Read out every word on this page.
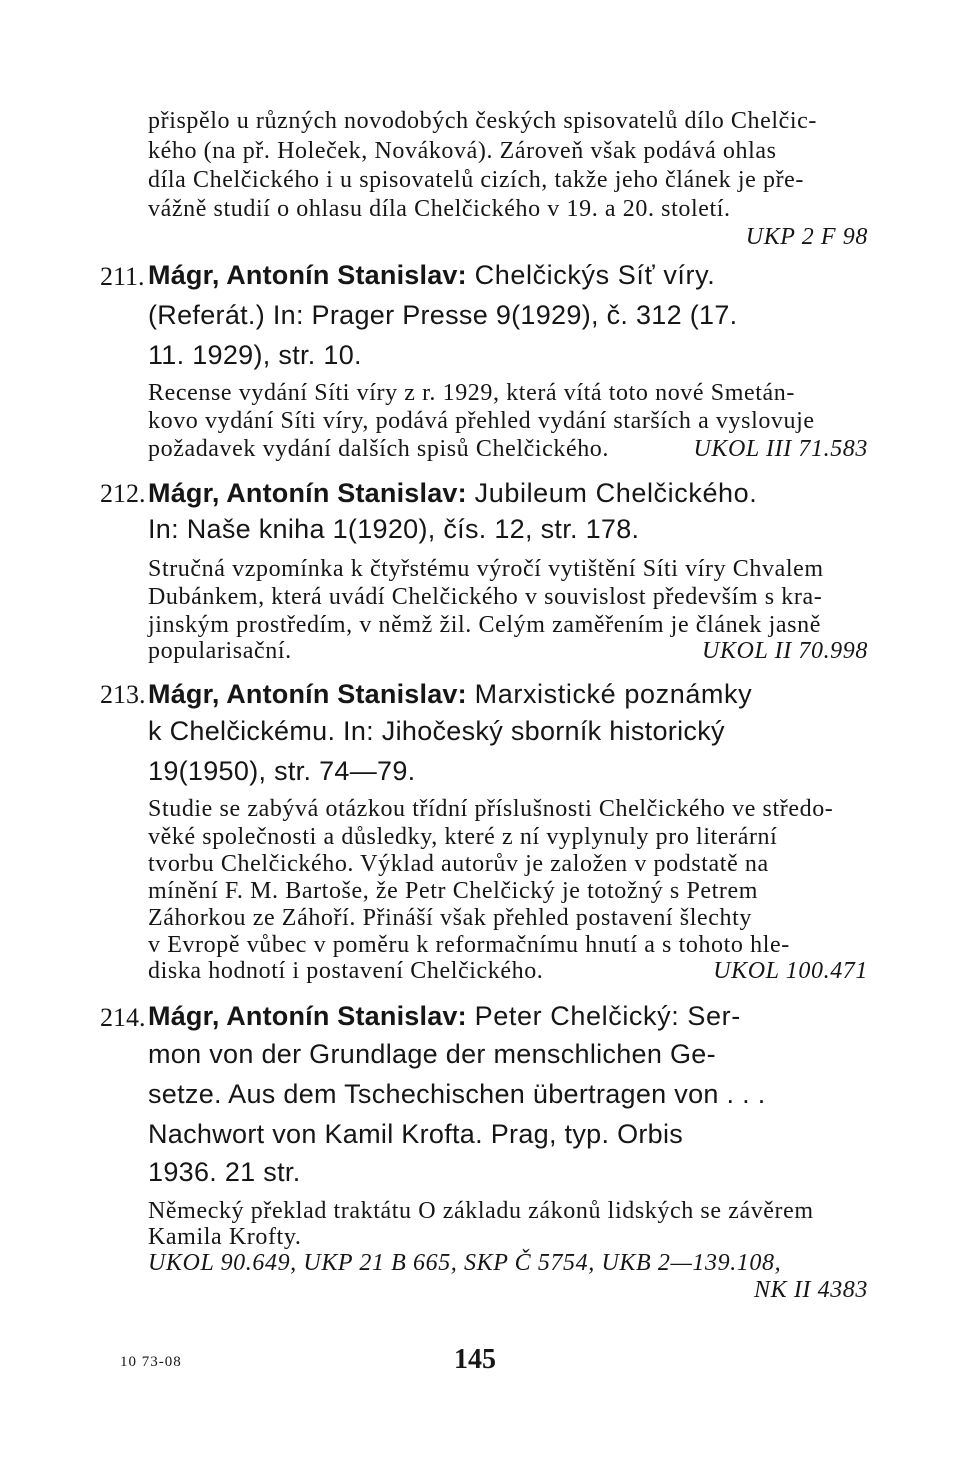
přispělo u různých novodobých českých spisovatelů dílo Chelčic-
kého (na př. Holeček, Nováková). Zároveň však podává ohlas
díla Chelčického i u spisovatelů cizích, takže jeho článek je pře-
vážně studií o ohlasu díla Chelčického v 19. a 20. století.
UKP 2 F 98
211. Mágr, Antonín Stanislav: Chelčickýs Síť víry.
(Referát.) In: Prager Presse 9(1929), č. 312 (17.
11. 1929), str. 10.
Recense vydání Síti víry z r. 1929, která vítá toto nové Smetán-
kovo vydání Síti víry, podává přehled vydání starších a vyslovuje
požadavek vydání dalších spisů Chelčického.	UKOL III 71.583
212. Mágr, Antonín Stanislav: Jubileum Chelčického.
In: Naše kniha 1(1920), čís. 12, str. 178.
Stručná vzpomínka k čtyřstému výročí vytištění Síti víry Chvalem
Dubánkem, která uvádí Chelčického v souvislost především s kra-
jinským prostředím, v němž žil. Celým zaměřením je článek jasně
popularisační.	UKOL II 70.998
213. Mágr, Antonín Stanislav: Marxistické poznámky
k Chelčickému. In: Jihočeský sborník historický
19(1950), str. 74—79.
Studie se zabývá otázkou třídní příslušnosti Chelčického ve středo-
věké společnosti a důsledky, které z ní vyplynuly pro literární
tvorbu Chelčického. Výklad autorův je založen v podstatě na
mínění F. M. Bartoše, že Petr Chelčický je totožný s Petrem
Záhorkou ze Záhoří. Přináší však přehled postavení šlechty
v Evropě vůbec v poměru k reformačnímu hnutí a s tohoto hle-
diska hodnotí i postavení Chelčického.	UKOL 100.471
214. Mágr, Antonín Stanislav: Peter Chelčický: Ser-
mon von der Grundlage der menschlichen Ge-
setze. Aus dem Tschechischen übertragen von . . .
Nachwort von Kamil Krofta. Prag, typ. Orbis
1936. 21 str.
Německý překlad traktátu O základu zákonů lidských se závěrem
Kamila Krofty.
UKOL 90.649, UKP 21 B 665, SKP Č 5754, UKB 2—139.108,
NK II 4383
10 73-08	145
